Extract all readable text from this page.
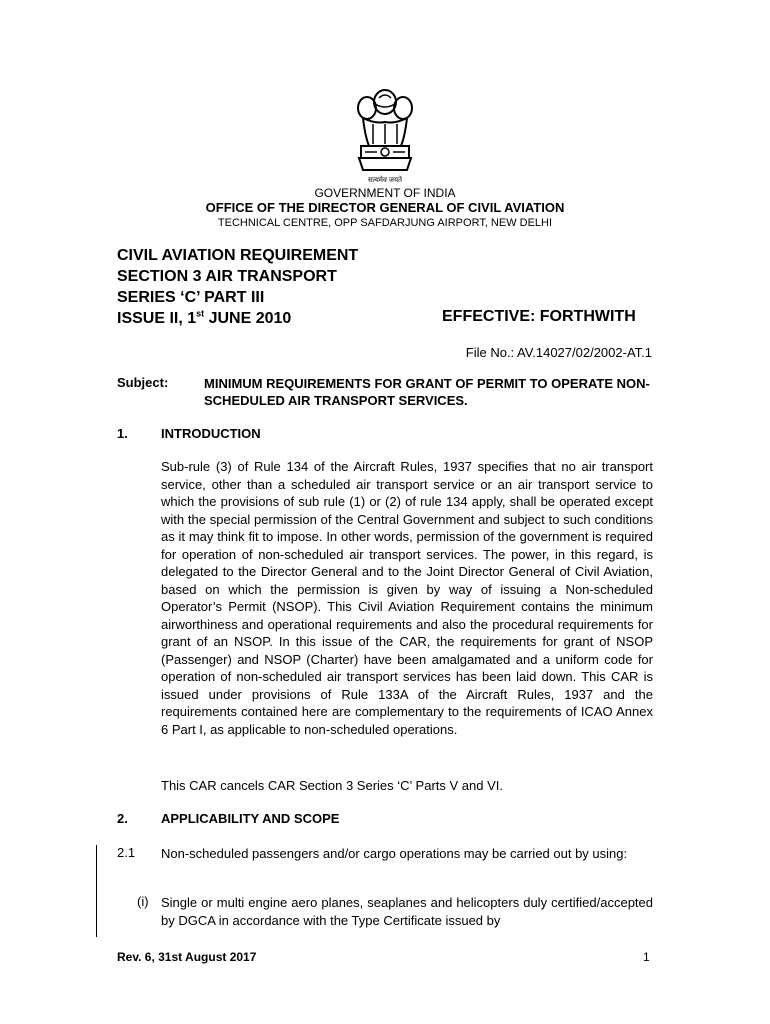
सत्यमेव जयते
GOVERNMENT OF INDIA
OFFICE OF THE DIRECTOR GENERAL OF CIVIL AVIATION
TECHNICAL CENTRE, OPP SAFDARJUNG AIRPORT, NEW DELHI
CIVIL AVIATION REQUIREMENT
SECTION 3 AIR TRANSPORT
SERIES ‘C’ PART III
ISSUE II, 1st JUNE 2010	EFFECTIVE: FORTHWITH
File No.: AV.14027/02/2002-AT.1
Subject:	MINIMUM REQUIREMENTS FOR GRANT OF PERMIT TO OPERATE NON-SCHEDULED AIR TRANSPORT SERVICES.
1.	INTRODUCTION
Sub-rule (3) of Rule 134 of the Aircraft Rules, 1937 specifies that no air transport service, other than a scheduled air transport service or an air transport service to which the provisions of sub rule (1) or (2) of rule 134 apply, shall be operated except with the special permission of the Central Government and subject to such conditions as it may think fit to impose. In other words, permission of the government is required for operation of non-scheduled air transport services. The power, in this regard, is delegated to the Director General and to the Joint Director General of Civil Aviation, based on which the permission is given by way of issuing a Non-scheduled Operator’s Permit (NSOP). This Civil Aviation Requirement contains the minimum airworthiness and operational requirements and also the procedural requirements for grant of an NSOP. In this issue of the CAR, the requirements for grant of NSOP (Passenger) and NSOP (Charter) have been amalgamated and a uniform code for operation of non-scheduled air transport services has been laid down. This CAR is issued under provisions of Rule 133A of the Aircraft Rules, 1937 and the requirements contained here are complementary to the requirements of ICAO Annex 6 Part I, as applicable to non-scheduled operations.
This CAR cancels CAR Section 3 Series ‘C’ Parts V and VI.
2.	APPLICABILITY AND SCOPE
2.1 Non-scheduled passengers and/or cargo operations may be carried out by using:
(i) Single or multi engine aero planes, seaplanes and helicopters duly certified/accepted by DGCA in accordance with the Type Certificate issued by
Rev. 6, 31st August 2017	1
